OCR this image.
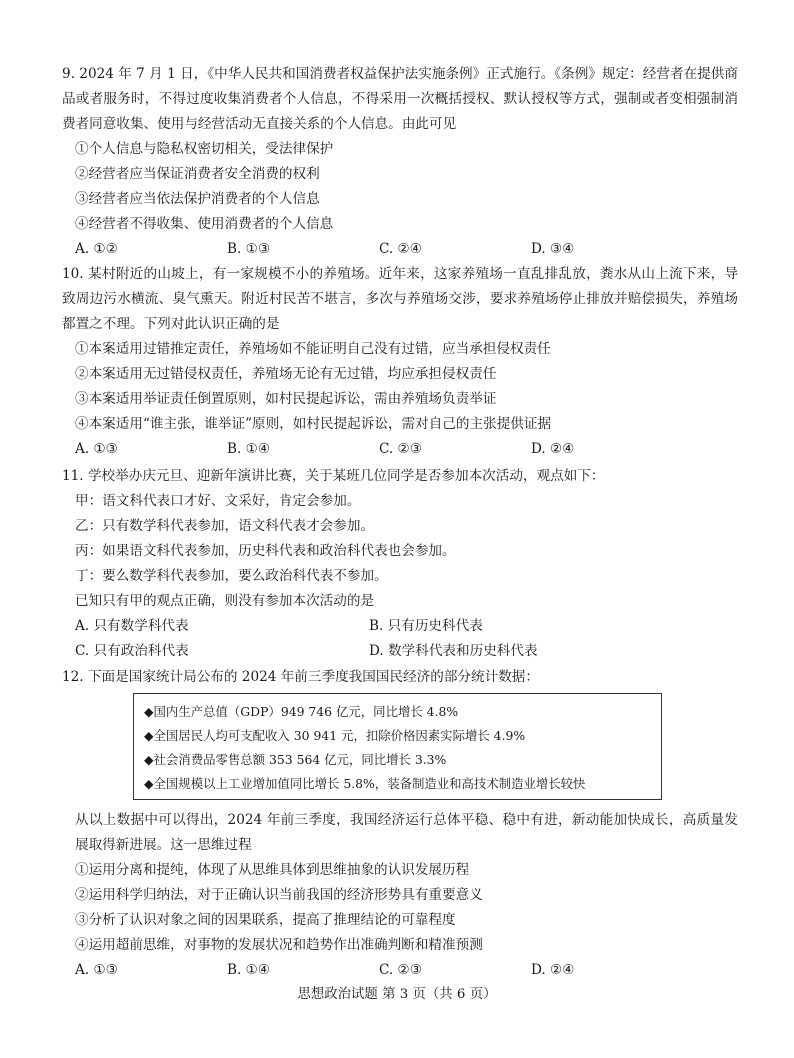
9. 2024 年 7 月 1 日，《中华人民共和国消费者权益保护法实施条例》正式施行。《条例》规定：经营者在提供商品或者服务时，不得过度收集消费者个人信息，不得采用一次概括授权、默认授权等方式，强制或者变相强制消费者同意收集、使用与经营活动无直接关系的个人信息。由此可见

①个人信息与隐私权密切相关，受法律保护
②经营者应当保证消费者安全消费的权利
③经营者应当依法保护消费者的个人信息
④经营者不得收集、使用消费者的个人信息
A. ①②	B. ①③	C. ②④	D. ③④

10. 某村附近的山坡上，有一家规模不小的养殖场。近年来，这家养殖场一直乱排乱放，粪水从山上流下来，导致周边污水横流、臭气熏天。附近村民苦不堪言，多次与养殖场交涉，要求养殖场停止排放并赔偿损失，养殖场都置之不理。下列对此认识正确的是

①本案适用过错推定责任，养殖场如不能证明自己没有过错，应当承担侵权责任
②本案适用无过错侵权责任，养殖场无论有无过错，均应承担侵权责任
③本案适用举证责任倒置原则，如村民提起诉讼，需由养殖场负责举证
④本案适用“谁主张，谁举证”原则，如村民提起诉讼，需对自己的主张提供证据
A. ①③	B. ①④	C. ②③	D. ②④

11. 学校举办庆元旦、迎新年演讲比赛，关于某班几位同学是否参加本次活动，观点如下：

甲：语文科代表口才好、文采好，肯定会参加。
乙：只有数学科代表参加，语文科代表才会参加。
丙：如果语文科代表参加，历史科代表和政治科代表也会参加。
丁：要么数学科代表参加，要么政治科代表不参加。
已知只有甲的观点正确，则没有参加本次活动的是
A. 只有数学科代表	B. 只有历史科代表
C. 只有政治科代表	D. 数学科代表和历史科代表

12. 下面是国家统计局公布的 2024 年前三季度我国国民经济的部分统计数据：

◆国内生产总值（GDP）949 746 亿元，同比增长 4.8%
◆全国居民人均可支配收入 30 941 元，扣除价格因素实际增长 4.9%
◆社会消费品零售总额 353 564 亿元，同比增长 3.3%
◆全国规模以上工业增加值同比增长 5.8%，装备制造业和高技术制造业增长较快

从以上数据中可以得出，2024 年前三季度，我国经济运行总体平稳、稳中有进，新动能加快成长，高质量发展取得新进展。这一思维过程

①运用分离和提纯，体现了从思维具体到思维抽象的认识发展历程
②运用科学归纳法，对于正确认识当前我国的经济形势具有重要意义
③分析了认识对象之间的因果联系，提高了推理结论的可靠程度
④运用超前思维，对事物的发展状况和趋势作出准确判断和精准预测
A. ①③	B. ①④	C. ②③	D. ②④
思想政治试题 第 3 页（共 6 页）
